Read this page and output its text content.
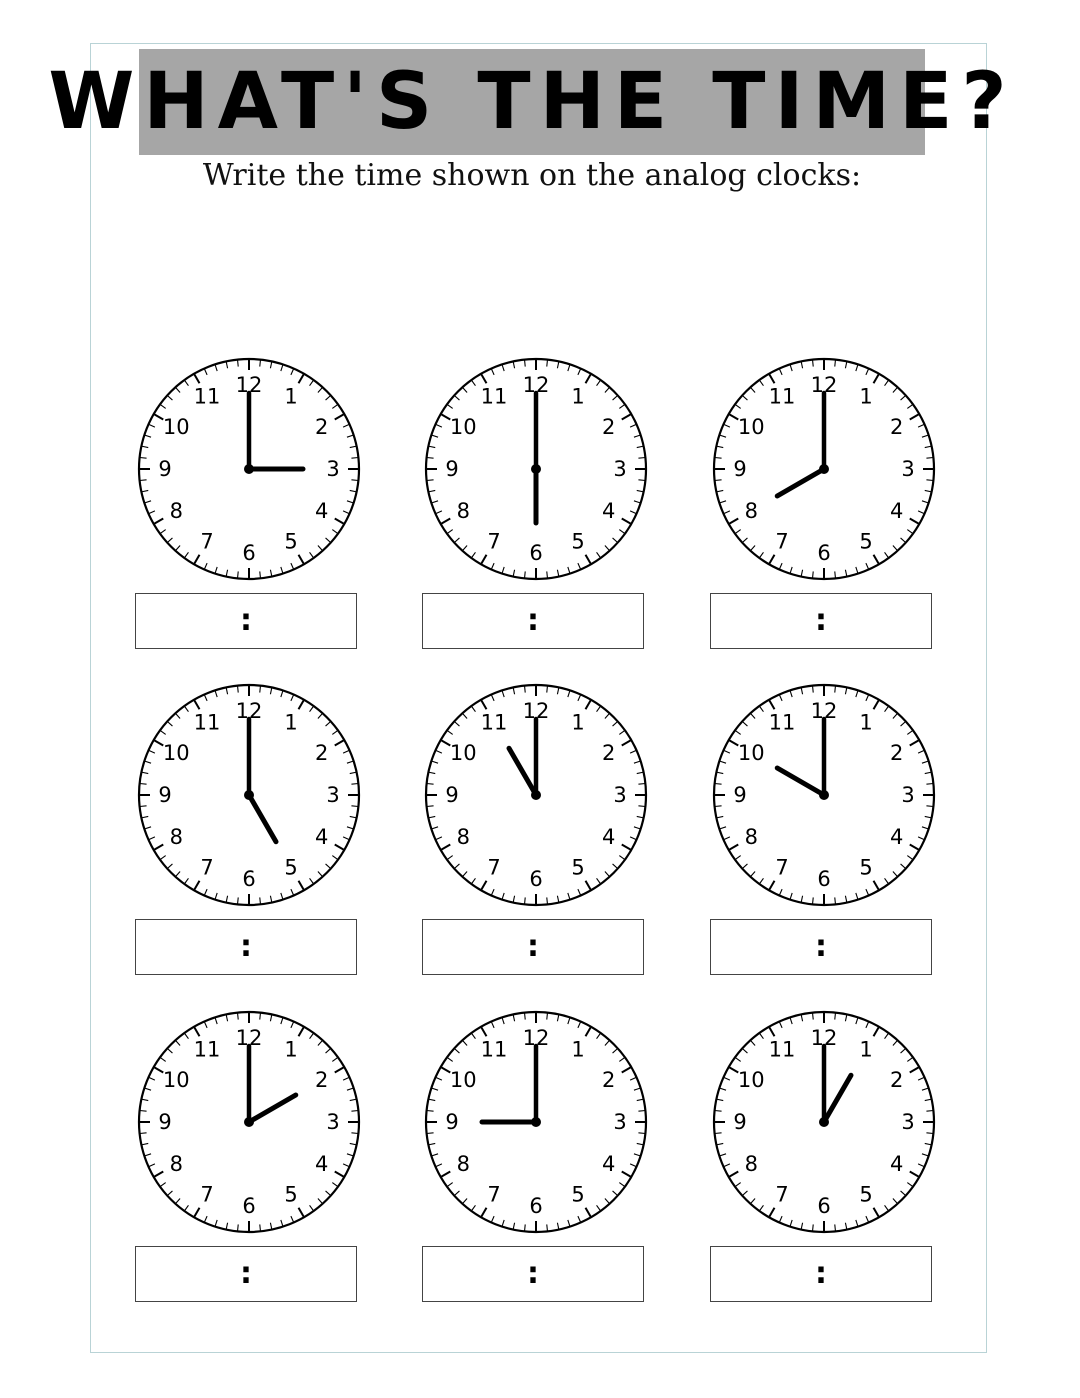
WHAT'S THE TIME?
Write the time shown on the analog clocks:
12 1
2
3
4
5
6
7
8
9
10
11
:
12 1
2
3
4
5
6
7
8
9
10
11
:
12 1
2
3
4
5
6
7
8
9
10
11
:
12 1
2
3
4
5
6
7
8
9
10
11
:
12 1
2
3
4
5
6
7
8
9
10
11
:
12 1
2
3
4
5
6
7
8
9
10
11
:
12 1
2
3
4
5
6
7
8
9
10
11
:
12 1
2
3
4
5
6
7
8
9
10
11
:
12 1
2
3
4
5
6
7
8
9
10
11
:
